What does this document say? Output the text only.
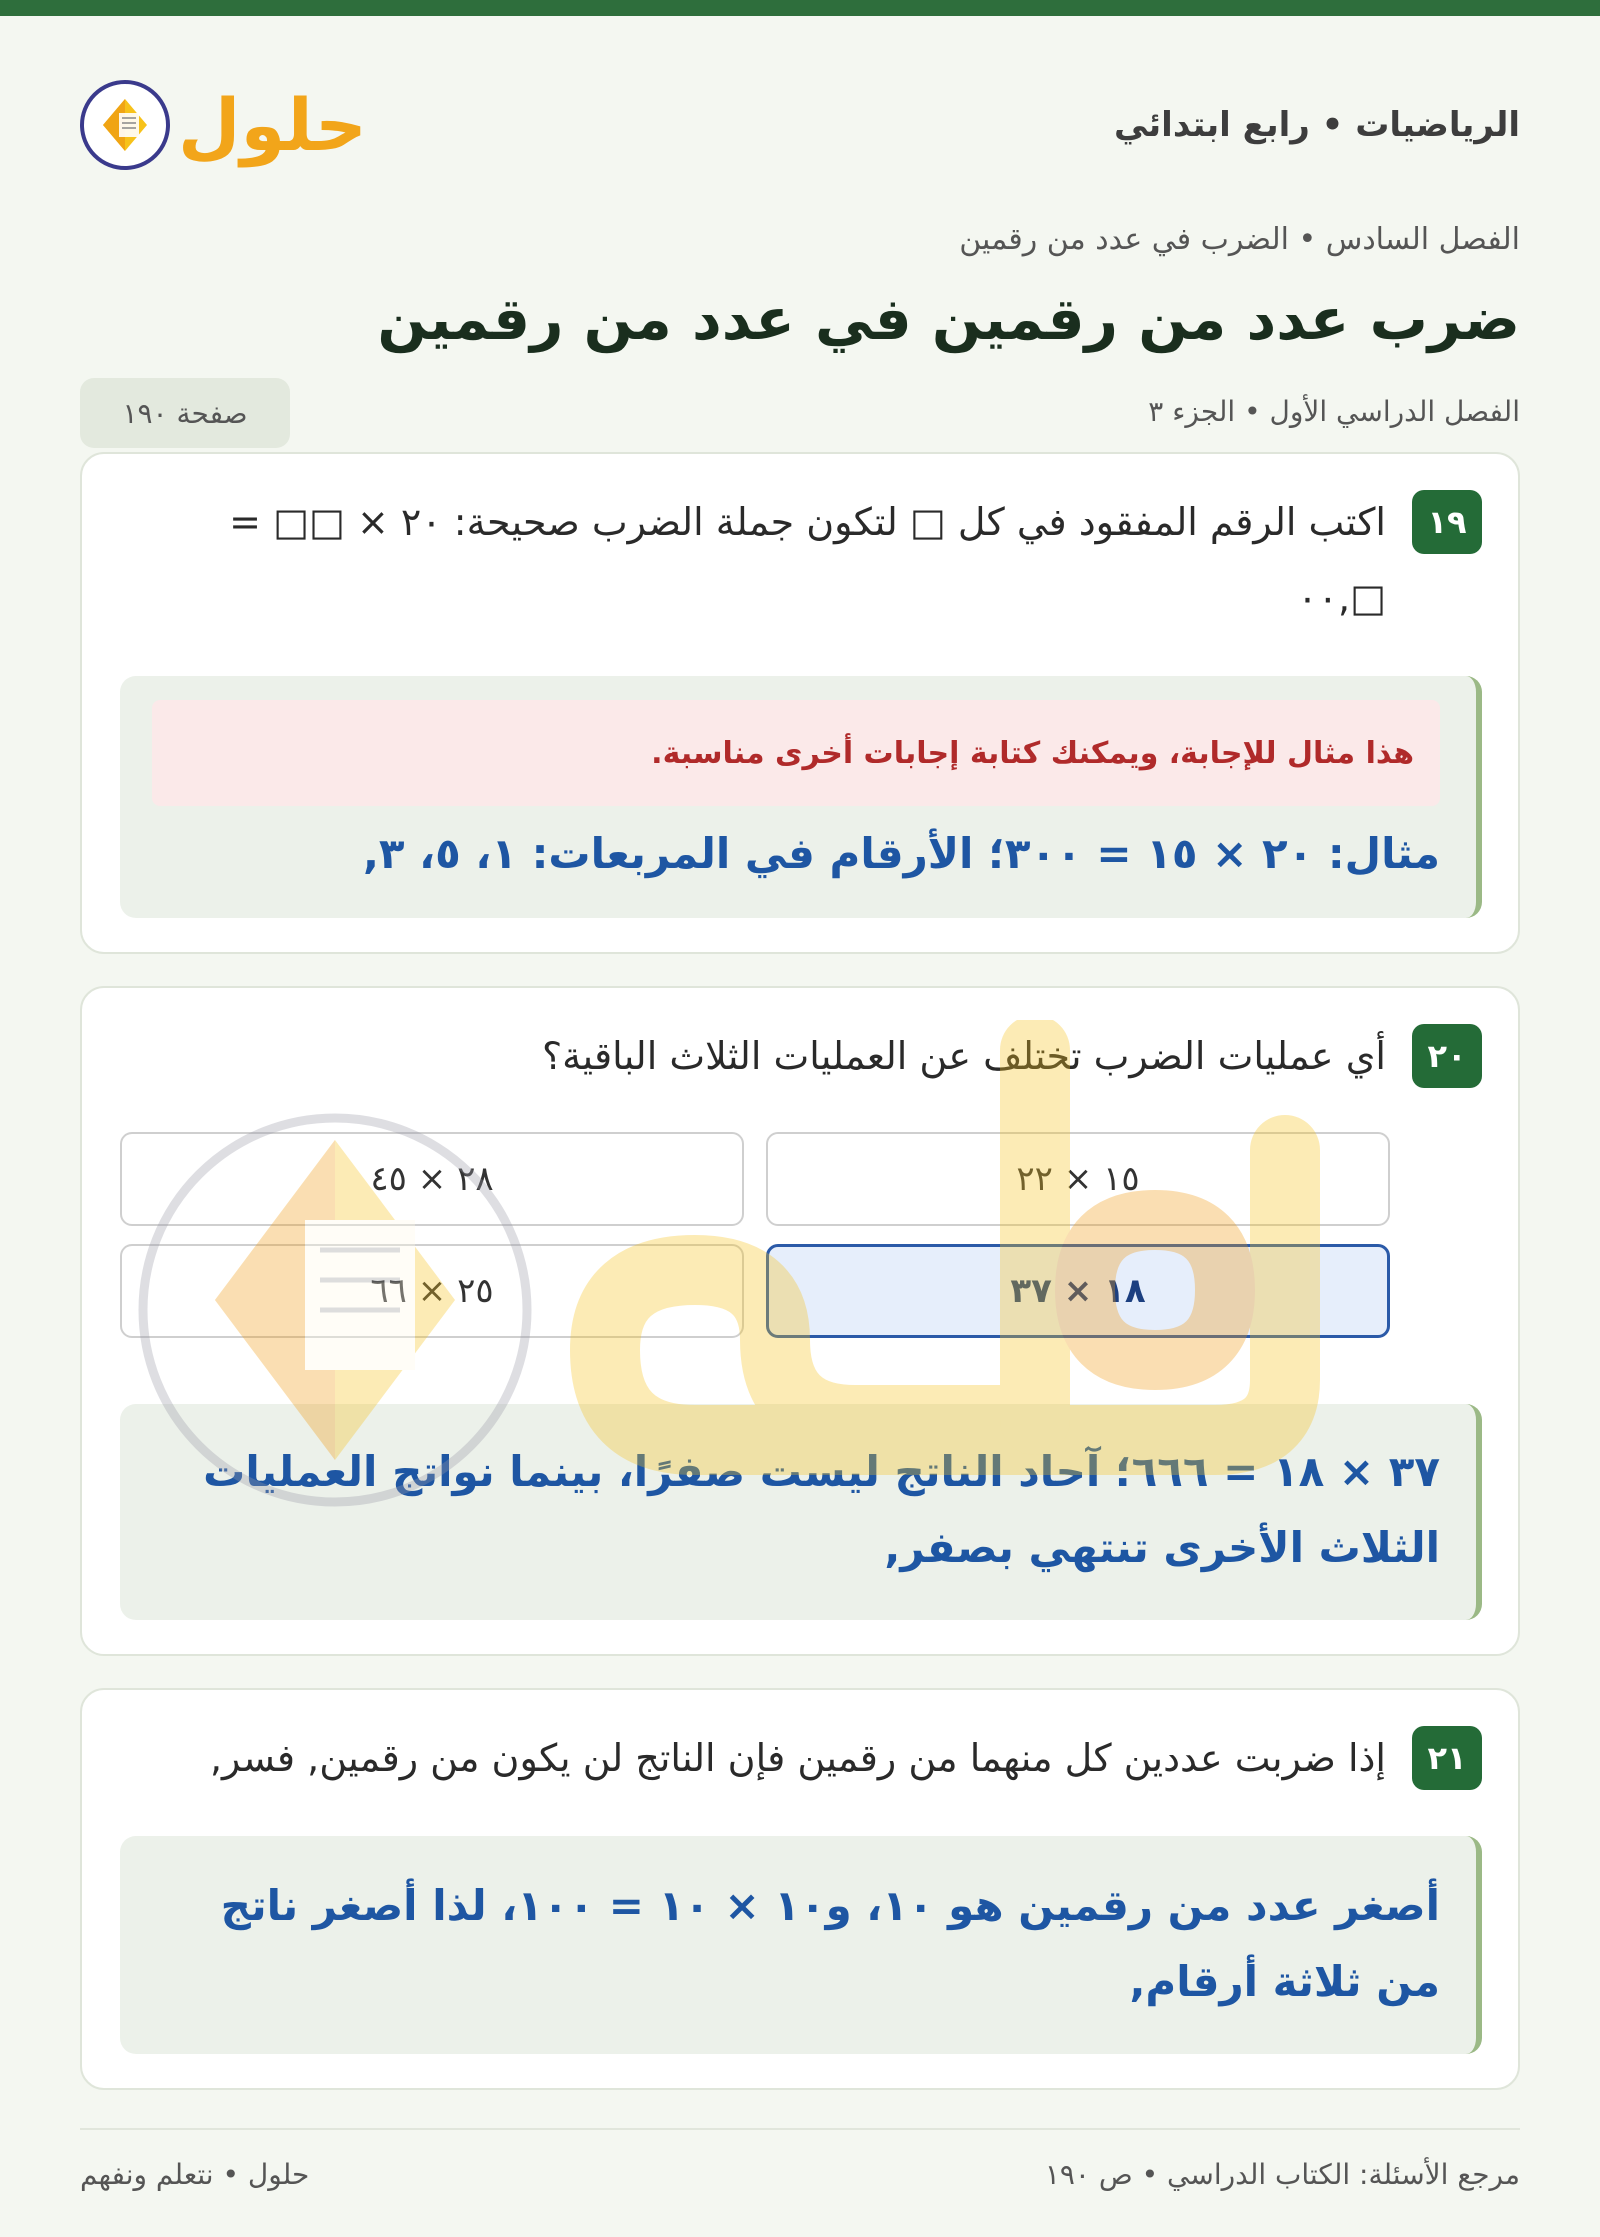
الرياضيات • رابع ابتدائي
حلول
الفصل السادس • الضرب في عدد من رقمين
ضرب عدد من رقمين في عدد من رقمين
الفصل الدراسي الأول • الجزء ٣
صفحة ١٩٠
١٩
اكتب الرقم المفقود في كل □ لتكون جملة الضرب صحيحة: ٢٠ × □□ = □,٠٠
هذا مثال للإجابة، ويمكنك كتابة إجابات أخرى مناسبة.
مثال: ٢٠ × ١٥ = ٣٠٠؛ الأرقام في المربعات: ١، ٥، ٣,
٢٠
أي عمليات الضرب تختلف عن العمليات الثلاث الباقية؟
١٥ × ٢٢
٢٨ × ٤٥
١٨ × ٣٧
٢٥ × ٦٦
٣٧ × ١٨ = ٦٦٦؛ آحاد الناتج ليست صفرًا، بينما نواتج العمليات الثلاث الأخرى تنتهي بصفر,
٢١
إذا ضربت عددين كل منهما من رقمين فإن الناتج لن يكون من رقمين, فسر,
أصغر عدد من رقمين هو ١٠، و١٠ × ١٠ = ١٠٠، لذا أصغر ناتج من ثلاثة أرقام,
مرجع الأسئلة: الكتاب الدراسي • ص ١٩٠
حلول • نتعلم ونفهم
